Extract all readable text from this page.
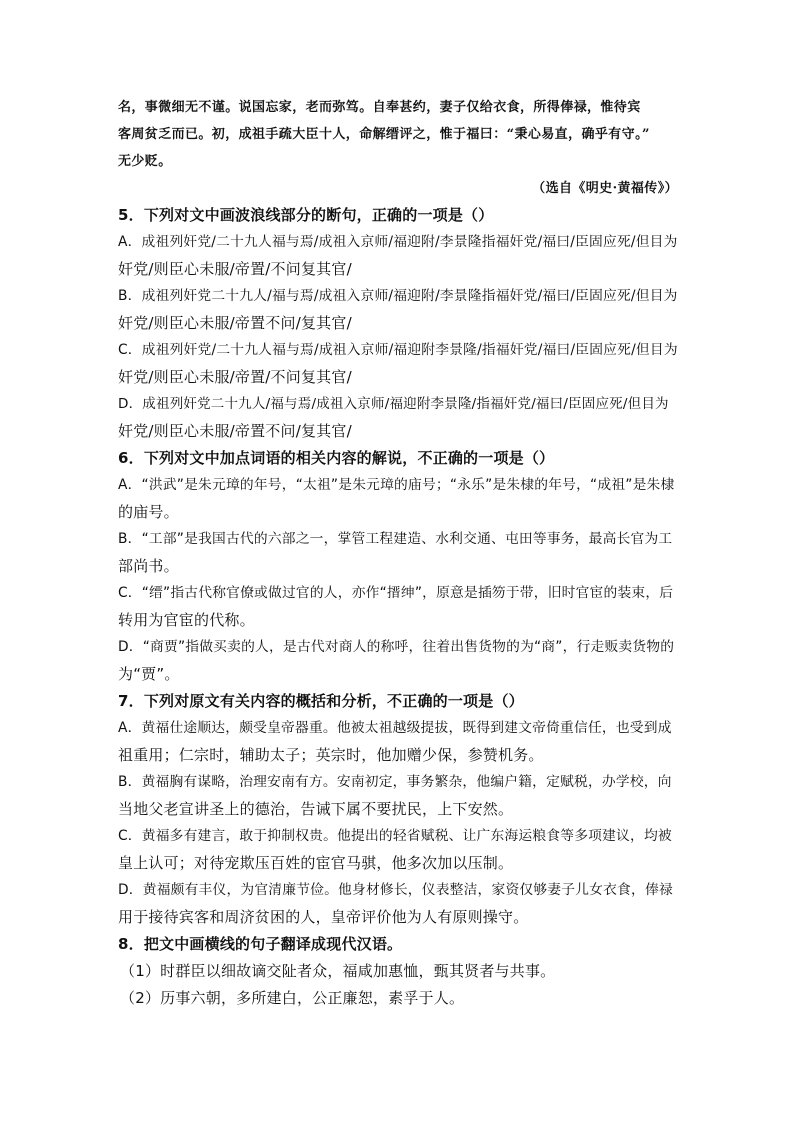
名，事微细无不谨。说国忘家，老而弥笃。自奉甚约，妻子仅给衣食，所得俸禄，惟待宾
客周贫乏而已。初，成祖手疏大臣十人，命解缙评之，惟于福曰：“秉心易直，确乎有守。”
无少贬。
（选自《明史·黄福传》）
5．下列对文中画波浪线部分的断句，正确的一项是（）
A．成祖列奸党/二十九人福与焉/成祖入京师/福迎附/李景隆指福奸党/福曰/臣固应死/但目为
奸党/则臣心未服/帝置/不问复其官/
B．成祖列奸党二十九人/福与焉/成祖入京师/福迎附/李景隆指福奸党/福曰/臣固应死/但目为
奸党/则臣心未服/帝置不问/复其官/
C．成祖列奸党/二十九人福与焉/成祖入京师/福迎附李景隆/指福奸党/福曰/臣固应死/但目为
奸党/则臣心未服/帝置/不问复其官/
D．成祖列奸党二十九人/福与焉/成祖入京师/福迎附李景隆/指福奸党/福曰/臣固应死/但目为
奸党/则臣心未服/帝置不问/复其官/
6．下列对文中加点词语的相关内容的解说，不正确的一项是（）
A．“洪武”是朱元璋的年号，“太祖”是朱元璋的庙号；“永乐”是朱棣的年号，“成祖”是朱棣
的庙号。
B．“工部”是我国古代的六部之一，掌管工程建造、水利交通、屯田等事务，最高长官为工
部尚书。
C．“缙”指古代称官僚或做过官的人，亦作“搢绅”，原意是插笏于带，旧时官宦的装束，后
转用为官宦的代称。
D．“商贾”指做买卖的人，是古代对商人的称呼，往着出售货物的为“商”，行走贩卖货物的
为“贾”。
7．下列对原文有关内容的概括和分析，不正确的一项是（）
A．黄福仕途顺达，颇受皇帝器重。他被太祖越级提拔，既得到建文帝倚重信任，也受到成
祖重用；仁宗时，辅助太子；英宗时，他加赠少保，参赞机务。
B．黄福胸有谋略，治理安南有方。安南初定，事务繁杂，他编户籍，定赋税，办学校，向
当地父老宣讲圣上的德治，告诫下属不要扰民，上下安然。
C．黄福多有建言，敢于抑制权贵。他提出的轻省赋税、让广东海运粮食等多项建议，均被
皇上认可；对待宠欺压百姓的宦官马骐，他多次加以压制。
D．黄福颇有丰仪，为官清廉节俭。他身材修长，仪表整洁，家资仅够妻子儿女衣食，俸禄
用于接待宾客和周济贫困的人，皇帝评价他为人有原则操守。
8．把文中画横线的句子翻译成现代汉语。
（1）时群臣以细故谪交阯者众，福咸加惠恤，甄其贤者与共事。
（2）历事六朝，多所建白，公正廉恕，素孚于人。
